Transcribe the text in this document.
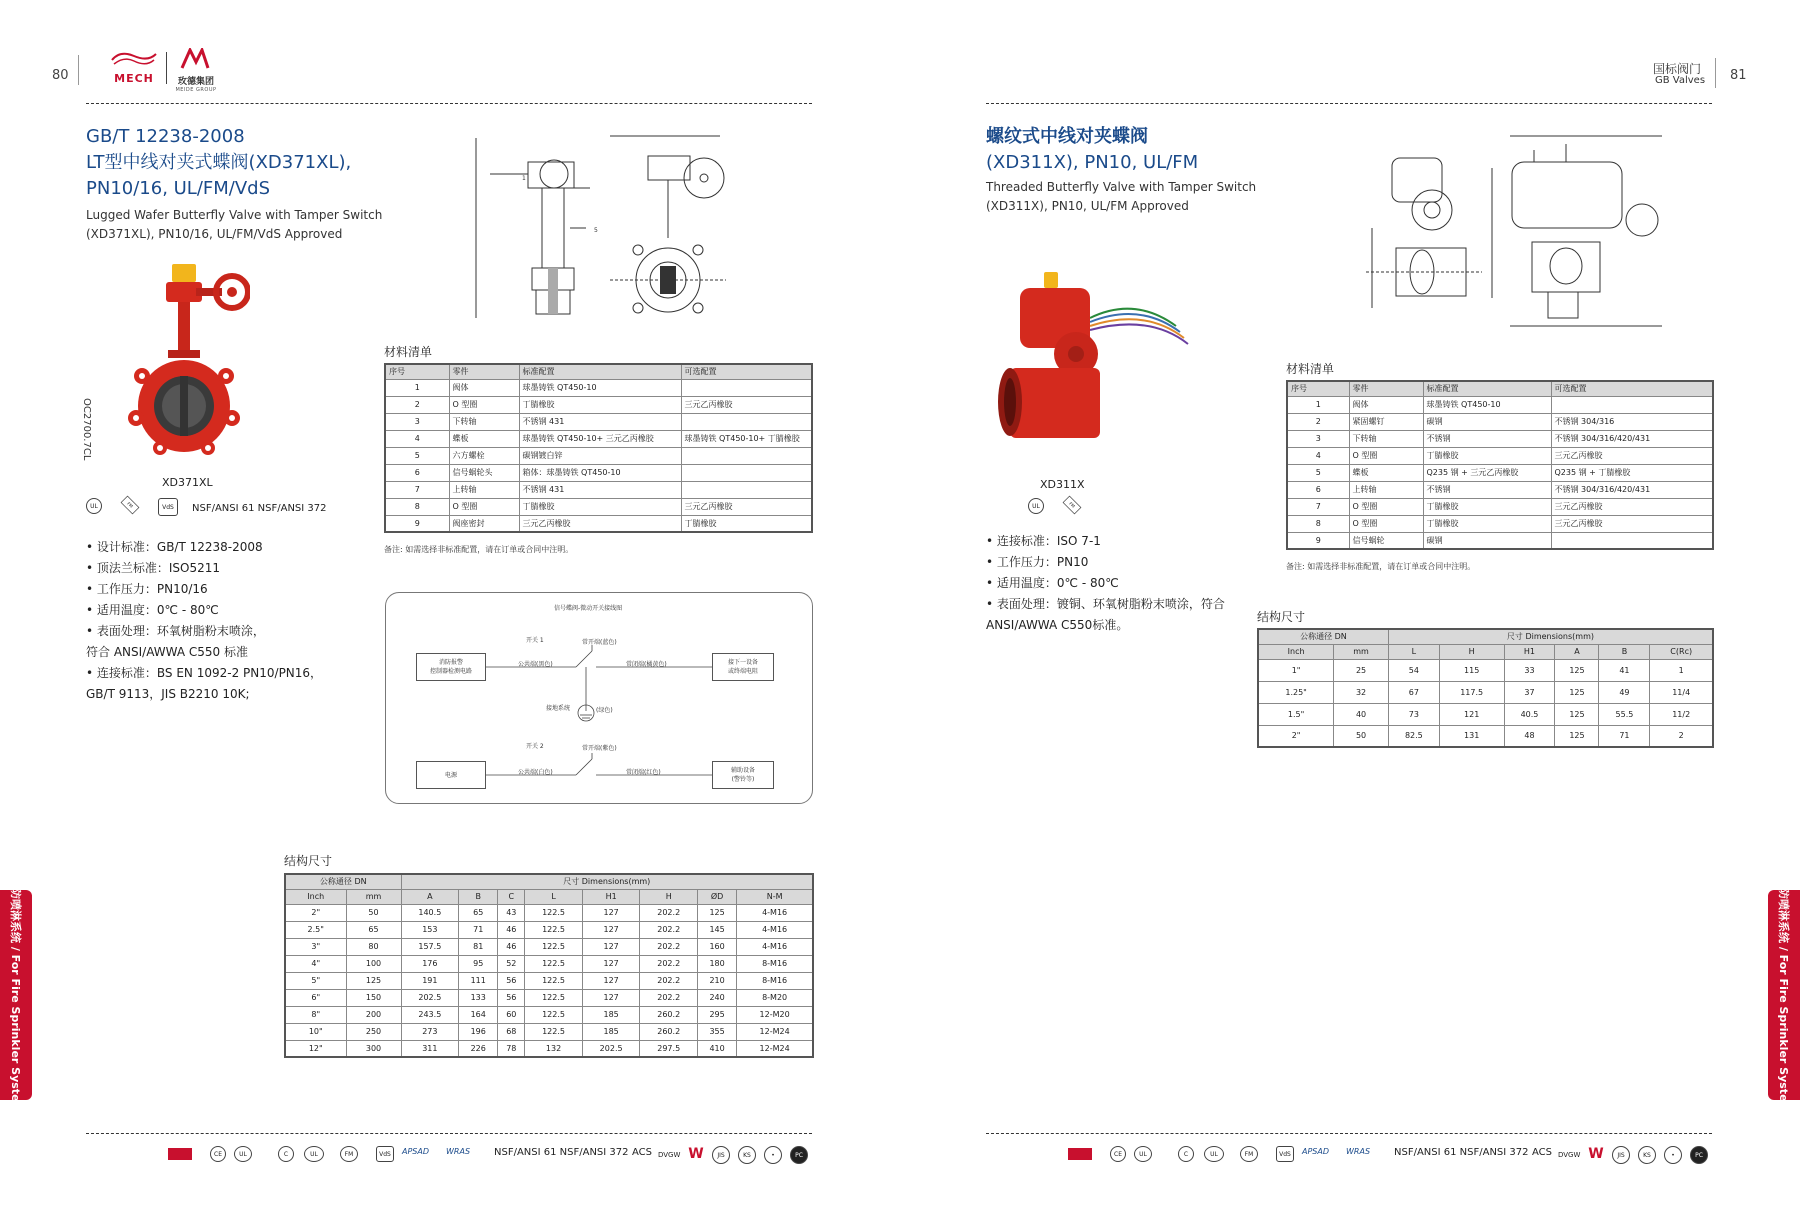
80	MECH	玫德集团
MEIDE GROUP
国标阀门
GB Valves 81
GB/T 12238-2008
LT型中线对夹式蝶阀(XD371XL),
PN10/16, UL/FM/VdS
Lugged Wafer Butterfly Valve with Tamper Switch
(XD371XL), PN10/16, UL/FM/VdS Approved
OC2700.7CL
XD371XL
UL	FM	VdS	NSF/ANSI 61 NSF/ANSI 372
• 设计标准：GB/T 12238-2008
• 顶法兰标准：ISO5211
• 工作压力：PN10/16
• 适用温度：0℃ - 80℃
• 表面处理：环氧树脂粉末喷涂，
符合 ANSI/AWWA C550 标准
• 连接标准：BS EN 1092-2 PN10/PN16，
GB/T 9113，JIS B2210 10K;
5
1
材料清单
序号	零件	标准配置	可选配置
1	阀体	球墨铸铁 QT450-10	
2	O 型圈	丁腈橡胶	三元乙丙橡胶
3	下转轴	不锈钢 431	
4	蝶板	球墨铸铁 QT450-10+ 三元乙丙橡胶	球墨铸铁 QT450-10+ 丁腈橡胶
5	六方螺栓	碳钢镀白锌	
6	信号蜗轮头	箱体：球墨铸铁 QT450-10	
7	上转轴	不锈钢 431	
8	O 型圈	丁腈橡胶	三元乙丙橡胶
9	阀座密封	三元乙丙橡胶	丁腈橡胶
备注: 如需选择非标准配置，请在订单或合同中注明。
信号蝶阀-微动开关接线图
开关 1	常开端(蓝色)
公共端(黑色)	常闭端(橘黄色)
消防报警
控制器检测电路
接下一设备
或终端电阻
接地系统	(绿色)
开关 2	常开端(紫色)
公共端(白色)	常闭端(红色)
电源
辅助设备
(警铃等)
结构尺寸
公称通径 DN		尺寸 Dimensions(mm)							
Inch	mm	A	B	C	L	H1	H	ØD	N-M
2"	50	140.5	65	43	122.5	127	202.2	125	4-M16
2.5"	65	153	71	46	122.5	127	202.2	145	4-M16
3"	80	157.5	81	46	122.5	127	202.2	160	4-M16
4"	100	176	95	52	122.5	127	202.2	180	8-M16
5"	125	191	111	56	122.5	127	202.2	210	8-M16
6"	150	202.5	133	56	122.5	127	202.2	240	8-M20
8"	200	243.5	164	60	122.5	185	260.2	295	12-M20
10"	250	273	196	68	122.5	185	260.2	355	12-M24
12"	300	311	226	78	132	202.5	297.5	410	12-M24
螺纹式中线对夹蝶阀
(XD311X), PN10, UL/FM
Threaded Butterfly Valve with Tamper Switch
(XD311X), PN10, UL/FM Approved
XD311X
UL	FM
• 连接标准：ISO 7-1
• 工作压力：PN10
• 适用温度：0℃ - 80℃
• 表面处理：镀铜、环氧树脂粉末喷涂，符合
ANSI/AWWA C550标准。
材料清单
序号	零件	标准配置	可选配置
1	阀体	球墨铸铁 QT450-10	
2	紧固螺钉	碳钢	不锈钢 304/316
3	下转轴	不锈钢	不锈钢 304/316/420/431
4	O 型圈	丁腈橡胶	三元乙丙橡胶
5	蝶板	Q235 钢 + 三元乙丙橡胶	Q235 钢 + 丁腈橡胶
6	上转轴	不锈钢	不锈钢 304/316/420/431
7	O 型圈	丁腈橡胶	三元乙丙橡胶
8	O 型圈	丁腈橡胶	三元乙丙橡胶
9	信号蜗轮	碳钢	
备注: 如需选择非标准配置，请在订单或合同中注明。
结构尺寸
公称通径 DN		尺寸 Dimensions(mm)					
Inch	mm	L	H	H1	A	B	C(Rc)
1"	25	54	115	33	125	41	1
1.25"	32	67	117.5	37	125	49	11/4
1.5"	40	73	121	40.5	125	55.5	11/2
2"	50	82.5	131	48	125	71	2
消防喷淋系统 / For Fire Sprinkler System	消防喷淋系统 / For Fire Sprinkler System
CE	UL	C	UL	FM	VdS	APSAD WRAS NSF/ANSI 61 NSF/ANSI 372 ACS DVGW W	JIS	KS	•	PC	CE	UL	C	UL	FM	VdS	APSAD WRAS NSF/ANSI 61 NSF/ANSI 372 ACS DVGW W	JIS	KS	•	PC
